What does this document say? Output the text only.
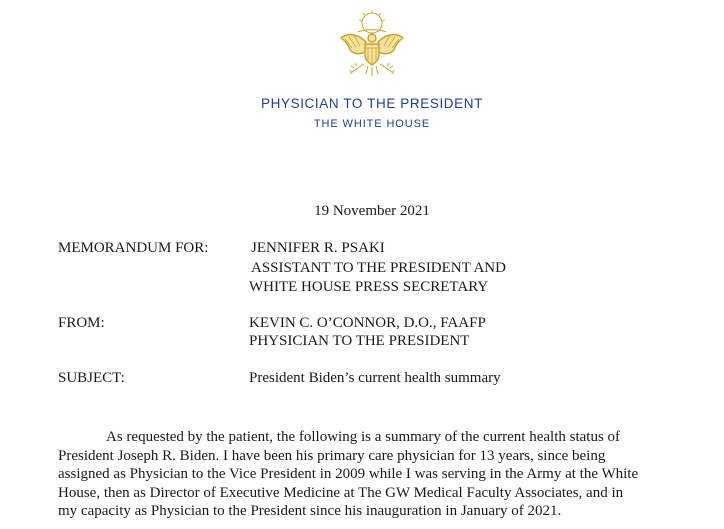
PHYSICIAN TO THE PRESIDENT
THE WHITE HOUSE
19 November 2021
MEMORANDUM FOR:	JENNIFER R. PSAKI
ASSISTANT TO THE PRESIDENT AND
WHITE HOUSE PRESS SECRETARY
FROM:	KEVIN C. O’CONNOR, D.O., FAAFP
PHYSICIAN TO THE PRESIDENT
SUBJECT:	President Biden’s current health summary
As requested by the patient, the following is a summary of the current health status of
President Joseph R. Biden. I have been his primary care physician for 13 years, since being
assigned as Physician to the Vice President in 2009 while I was serving in the Army at the White
House, then as Director of Executive Medicine at The GW Medical Faculty Associates, and in
my capacity as Physician to the President since his inauguration in January of 2021.
